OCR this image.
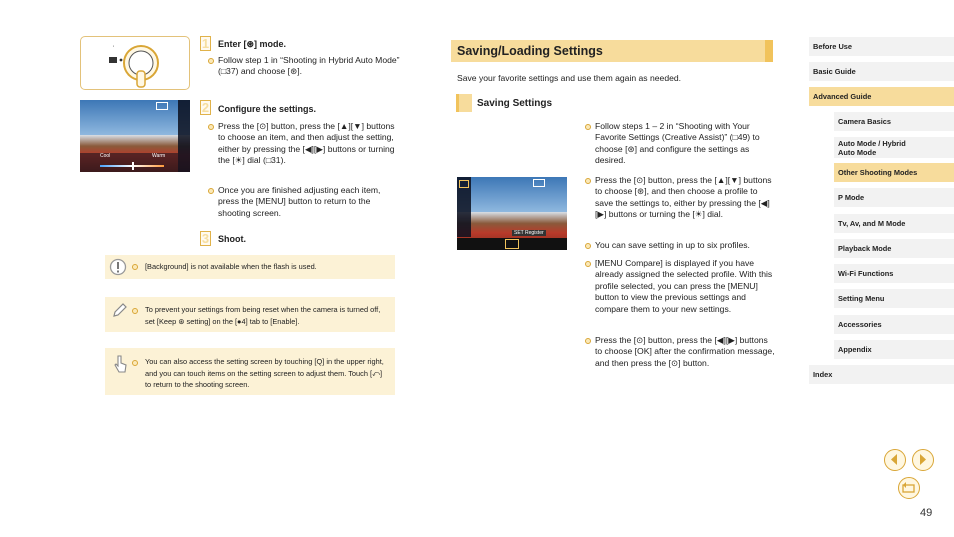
'	1 Enter [⊛] mode.
Follow step 1 in “Shooting in Hybrid Auto Mode” (□37) and choose [⊛].
Cool	Warm
2 Configure the settings.
Press the [⊙] button, press the [▲][▼] buttons to choose an item, and then adjust the setting, either by pressing the [◀][▶] buttons or turning the [☀] dial (□31).
Once you are finished adjusting each item, press the [MENU] button to return to the shooting screen.
3 Shoot.
[Background] is not available when the flash is used.
To prevent your settings from being reset when the camera is turned off, set [Keep ⊛ setting] on the [●4] tab to [Enable].
You can also access the setting screen by touching [Q] in the upper right, and you can touch items on the setting screen to adjust them. Touch [⤺] to return to the shooting screen.
Saving/Loading Settings
Save your favorite settings and use them again as needed.
Saving Settings
SET Register
Follow steps 1 – 2 in “Shooting with Your Favorite Settings (Creative Assist)” (□49) to choose [⊛] and configure the settings as desired.
Press the [⊙] button, press the [▲][▼] buttons to choose [⊛], and then choose a profile to save the settings to, either by pressing the [◀][▶] buttons or turning the [☀] dial.
You can save setting in up to six profiles.
[MENU Compare] is displayed if you have already assigned the selected profile. With this profile selected, you can press the [MENU] button to view the previous settings and compare them to your new settings.
Press the [⊙] button, press the [◀][▶] buttons to choose [OK] after the confirmation message, and then press the [⊙] button.
Before Use
Basic Guide
Advanced Guide
Camera Basics
Auto Mode / Hybrid Auto Mode
Other Shooting Modes
P Mode
Tv, Av, and M Mode
Playback Mode
Wi-Fi Functions
Setting Menu
Accessories
Appendix
Index
49
